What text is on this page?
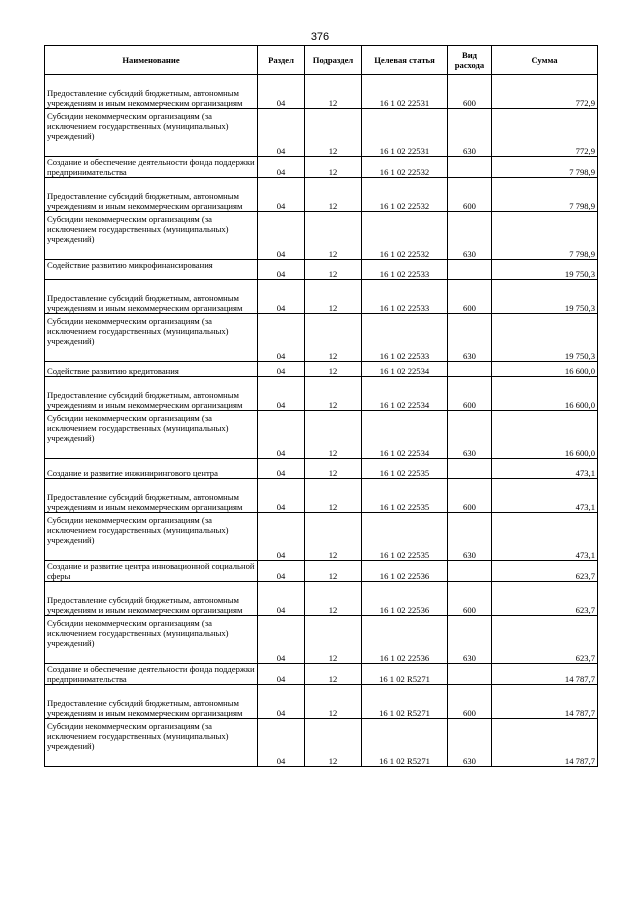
376
Наименование	Раздел	Подраздел	Целевая статья	Вид расхода	Сумма
Предоставление субсидий бюджетным, автономным учреждениям и иным некоммерческим организациям	04	12	16 1 02 22531	600	772,9
Субсидии некоммерческим организациям (за исключением государственных (муниципальных) учреждений)	04	12	16 1 02 22531	630	772,9
Создание и обеспечение деятельности фонда поддержки предпринимательства	04	12	16 1 02 22532		7 798,9
Предоставление субсидий бюджетным, автономным учреждениям и иным некоммерческим организациям	04	12	16 1 02 22532	600	7 798,9
Субсидии некоммерческим организациям (за исключением государственных (муниципальных) учреждений)	04	12	16 1 02 22532	630	7 798,9
Содействие развитию микрофинансирования	04	12	16 1 02 22533		19 750,3
Предоставление субсидий бюджетным, автономным учреждениям и иным некоммерческим организациям	04	12	16 1 02 22533	600	19 750,3
Субсидии некоммерческим организациям (за исключением государственных (муниципальных) учреждений)	04	12	16 1 02 22533	630	19 750,3
Содействие развитию кредитования	04	12	16 1 02 22534		16 600,0
Предоставление субсидий бюджетным, автономным учреждениям и иным некоммерческим организациям	04	12	16 1 02 22534	600	16 600,0
Субсидии некоммерческим организациям (за исключением государственных (муниципальных) учреждений)	04	12	16 1 02 22534	630	16 600,0
Создание и развитие инжинирингового центра	04	12	16 1 02 22535		473,1
Предоставление субсидий бюджетным, автономным учреждениям и иным некоммерческим организациям	04	12	16 1 02 22535	600	473,1
Субсидии некоммерческим организациям (за исключением государственных (муниципальных) учреждений)	04	12	16 1 02 22535	630	473,1
Создание и развитие центра инновационной социальной сферы	04	12	16 1 02 22536		623,7
Предоставление субсидий бюджетным, автономным учреждениям и иным некоммерческим организациям	04	12	16 1 02 22536	600	623,7
Субсидии некоммерческим организациям (за исключением государственных (муниципальных) учреждений)	04	12	16 1 02 22536	630	623,7
Создание и обеспечение деятельности фонда поддержки предпринимательства	04	12	16 1 02 R5271		14 787,7
Предоставление субсидий бюджетным, автономным учреждениям и иным некоммерческим организациям	04	12	16 1 02 R5271	600	14 787,7
Субсидии некоммерческим организациям (за исключением государственных (муниципальных) учреждений)	04	12	16 1 02 R5271	630	14 787,7
